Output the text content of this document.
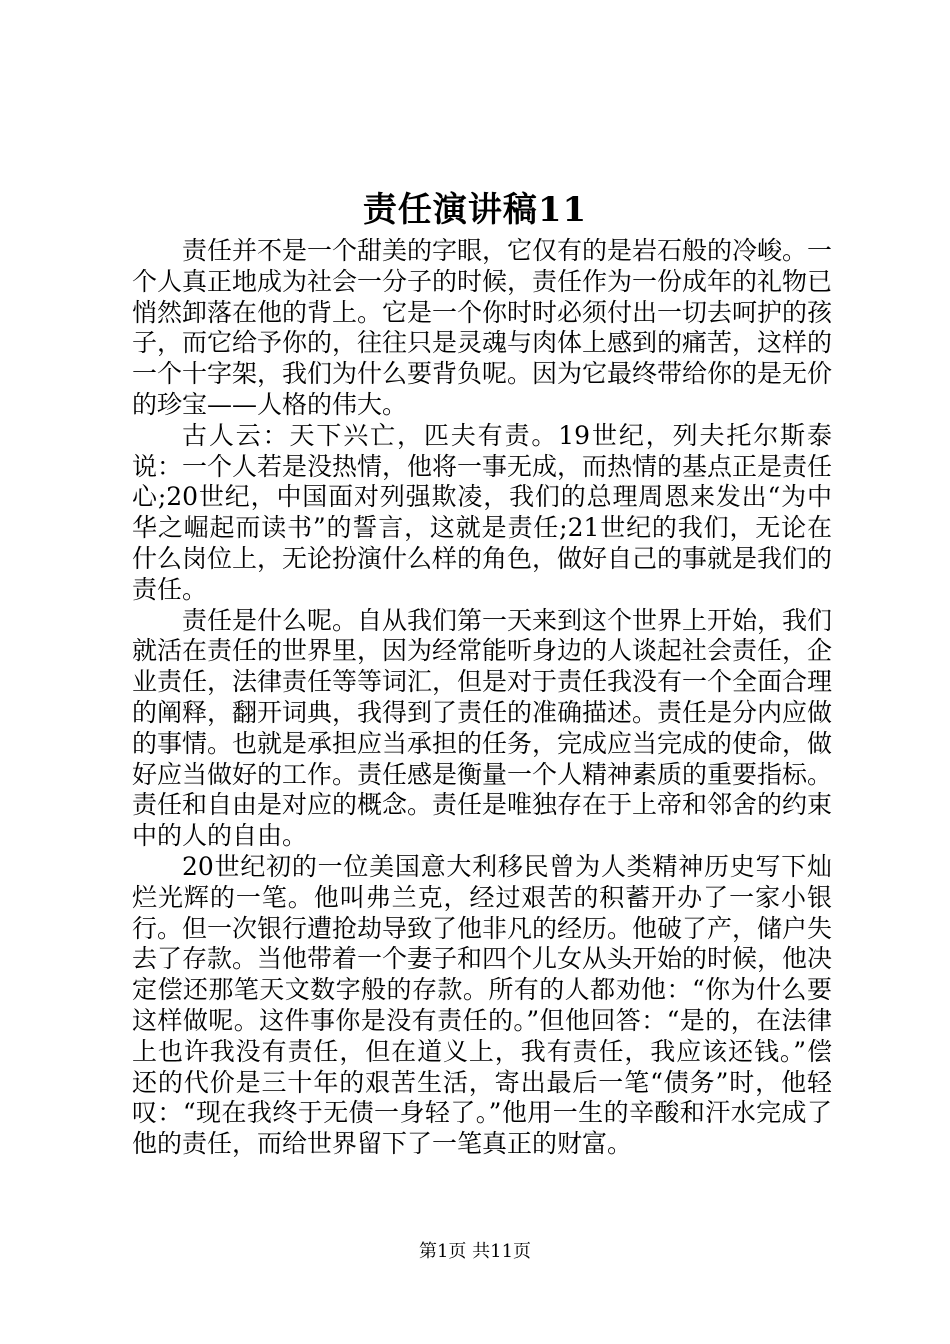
责任演讲稿11

责任并不是一个甜美的字眼，它仅有的是岩石般的冷峻。一个人真正地成为社会一分子的时候，责任作为一份成年的礼物已悄然卸落在他的背上。它是一个你时时必须付出一切去呵护的孩子，而它给予你的，往往只是灵魂与肉体上感到的痛苦，这样的一个十字架，我们为什么要背负呢。因为它最终带给你的是无价的珍宝——人格的伟大。

古人云：天下兴亡，匹夫有责。19世纪，列夫托尔斯泰说：一个人若是没热情，他将一事无成，而热情的基点正是责任心;20世纪，中国面对列强欺凌，我们的总理周恩来发出“为中华之崛起而读书”的誓言，这就是责任;21世纪的我们，无论在什么岗位上，无论扮演什么样的角色，做好自己的事就是我们的责任。

责任是什么呢。自从我们第一天来到这个世界上开始，我们就活在责任的世界里，因为经常能听身边的人谈起社会责任，企业责任，法律责任等等词汇，但是对于责任我没有一个全面合理的阐释，翻开词典，我得到了责任的准确描述。责任是分内应做的事情。也就是承担应当承担的任务，完成应当完成的使命，做好应当做好的工作。责任感是衡量一个人精神素质的重要指标。责任和自由是对应的概念。责任是唯独存在于上帝和邻舍的约束中的人的自由。

20世纪初的一位美国意大利移民曾为人类精神历史写下灿烂光辉的一笔。他叫弗兰克，经过艰苦的积蓄开办了一家小银行。但一次银行遭抢劫导致了他非凡的经历。他破了产，储户失去了存款。当他带着一个妻子和四个儿女从头开始的时候，他决定偿还那笔天文数字般的存款。所有的人都劝他：“你为什么要这样做呢。这件事你是没有责任的。”但他回答：“是的，在法律上也许我没有责任，但在道义上，我有责任，我应该还钱。”偿还的代价是三十年的艰苦生活，寄出最后一笔“债务”时，他轻叹：“现在我终于无债一身轻了。”他用一生的辛酸和汗水完成了他的责任，而给世界留下了一笔真正的财富。

第1页 共11页
